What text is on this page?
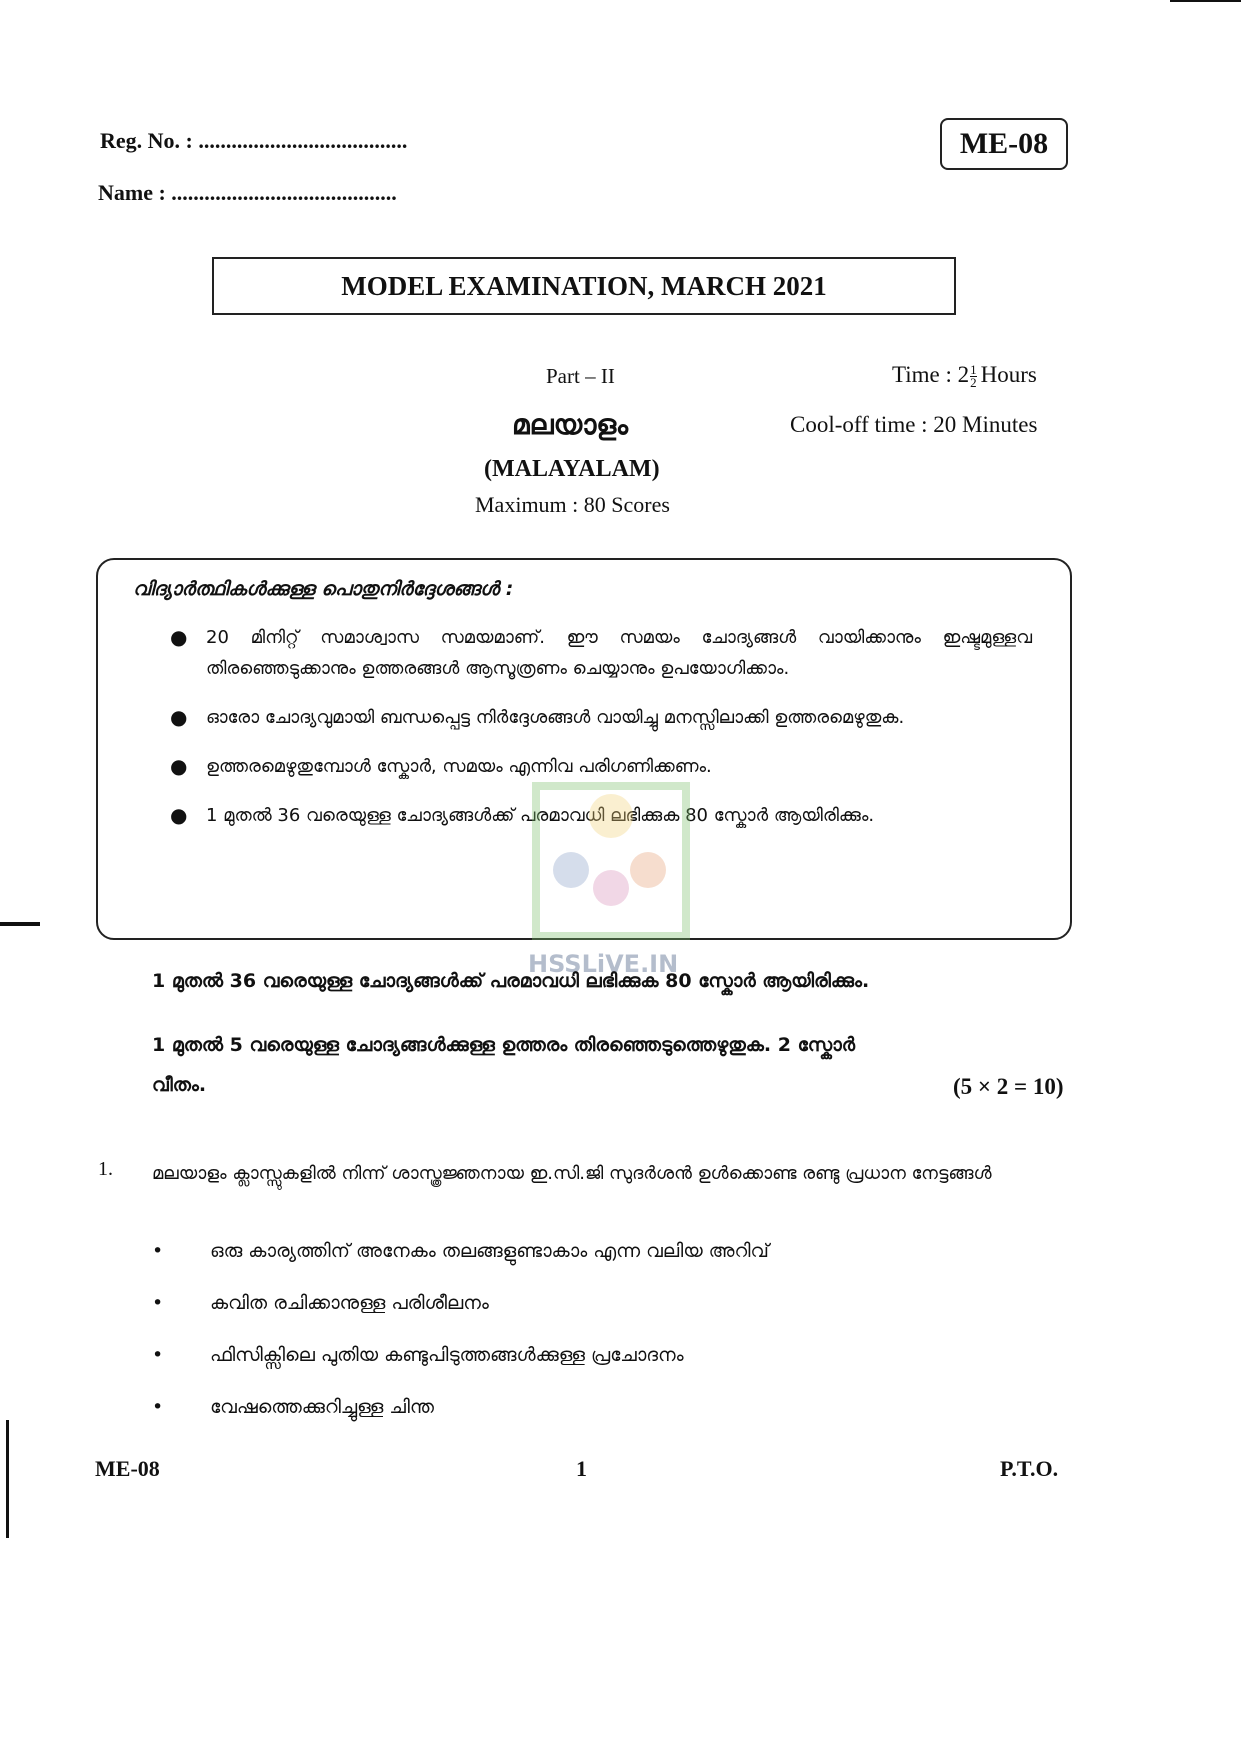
Reg. No. : ......................................
Name : .........................................
ME-08
MODEL EXAMINATION, MARCH 2021
Part – II	Time : $2 \frac{1}{2}$ Hours
മലയാളം	Cool-off time : 20 Minutes
(MALAYALAM)
Maximum : 80 Scores
വിദ്യാർത്ഥികൾക്കുള്ള പൊതുനിർദ്ദേശങ്ങൾ :
● 20 മിനിറ്റ് സമാശ്വാസ സമയമാണ്. ഈ സമയം ചോദ്യങ്ങൾ വായിക്കാനും ഇഷ്ടമുള്ളവ തിരഞ്ഞെടുക്കാനും ഉത്തരങ്ങൾ ആസൂത്രണം ചെയ്യാനും ഉപയോഗിക്കാം.
● ഓരോ ചോദ്യവുമായി ബന്ധപ്പെട്ട നിർദ്ദേശങ്ങൾ വായിച്ചു മനസ്സിലാക്കി ഉത്തരമെഴുതുക.
● ഉത്തരമെഴുതുമ്പോൾ സ്കോർ, സമയം എന്നിവ പരിഗണിക്കണം.
● 1 മുതൽ 36 വരെയുള്ള ചോദ്യങ്ങൾക്ക് പരമാവധി ലഭിക്കുക 80 സ്കോർ ആയിരിക്കും.
HSSLiVE.IN
1 മുതൽ 36 വരെയുള്ള ചോദ്യങ്ങൾക്ക് പരമാവധി ലഭിക്കുക 80 സ്കോർ ആയിരിക്കും.
1 മുതൽ 5 വരെയുള്ള ചോദ്യങ്ങൾക്കുള്ള ഉത്തരം തിരഞ്ഞെടുത്തെഴുതുക. 2 സ്കോർ
വീതം.	(5 × 2 = 10)
1. മലയാളം ക്ലാസ്സുകളിൽ നിന്ന് ശാസ്ത്രജ്ഞനായ ഇ.സി.ജി സുദർശൻ ഉൾക്കൊണ്ട രണ്ടു പ്രധാന നേട്ടങ്ങൾ
• ഒരു കാര്യത്തിന് അനേകം തലങ്ങളുണ്ടാകാം എന്ന വലിയ അറിവ്
• കവിത രചിക്കാനുള്ള പരിശീലനം
• ഫിസിക്സിലെ പുതിയ കണ്ടുപിടുത്തങ്ങൾക്കുള്ള പ്രചോദനം
• വേഷത്തെക്കുറിച്ചുള്ള ചിന്ത
ME-08	1	P.T.O.
